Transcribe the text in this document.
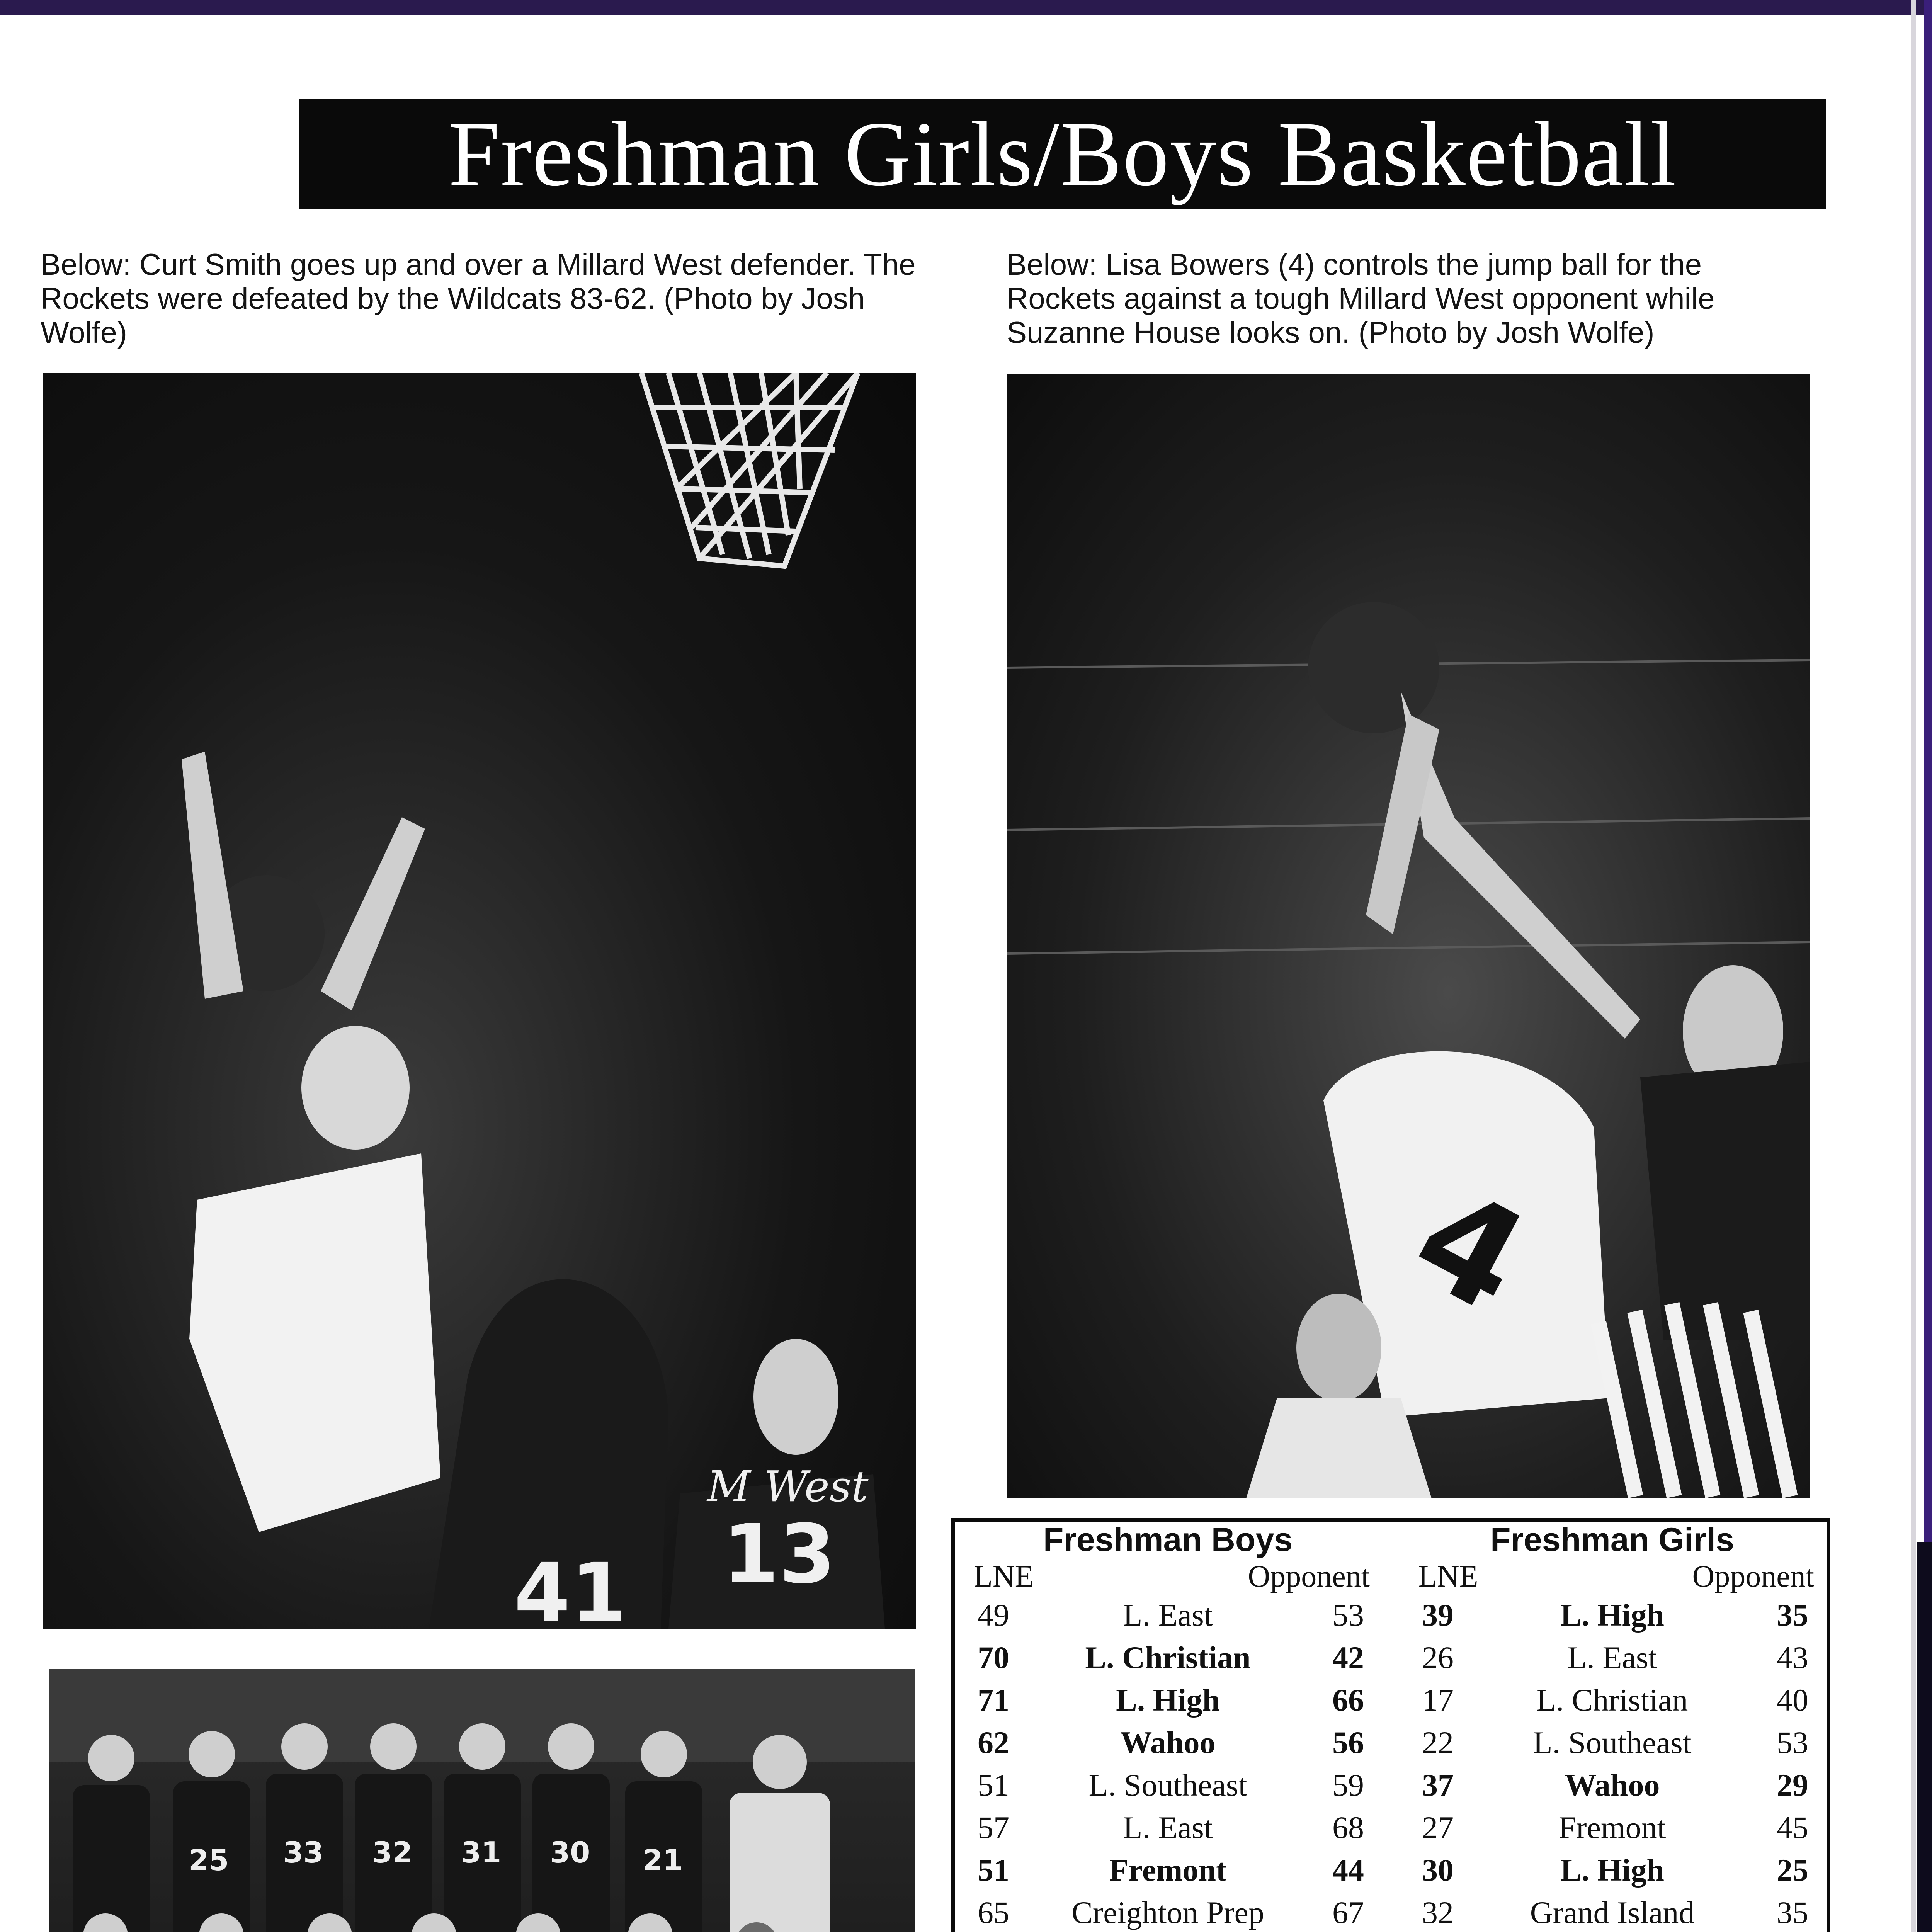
Freshman Girls/Boys Basketball
Below: Curt Smith goes up and over a Millard West defender. The Rockets were defeated by the Wildcats 83-62. (Photo by Josh Wolfe)
Below: Lisa Bowers (4) controls the jump ball for the Rockets against a tough Millard West opponent while Suzanne House looks on. (Photo by Josh Wolfe)
13
41
M West
4
25 33 32 31 30 21
Freshman Boys
LNE	Opponent
49	L. East	53
70	L. Christian	42
71	L. High	66
62	Wahoo	56
51	L. Southeast	59
57	L. East	68
51	Fremont	44
65	Creighton Prep	67
Freshman Girls
LNE	Opponent
39	L. High	35
26	L. East	43
17	L. Christian	40
22	L. Southeast	53
37	Wahoo	29
27	Fremont	45
30	L. High	25
32	Grand Island	35
